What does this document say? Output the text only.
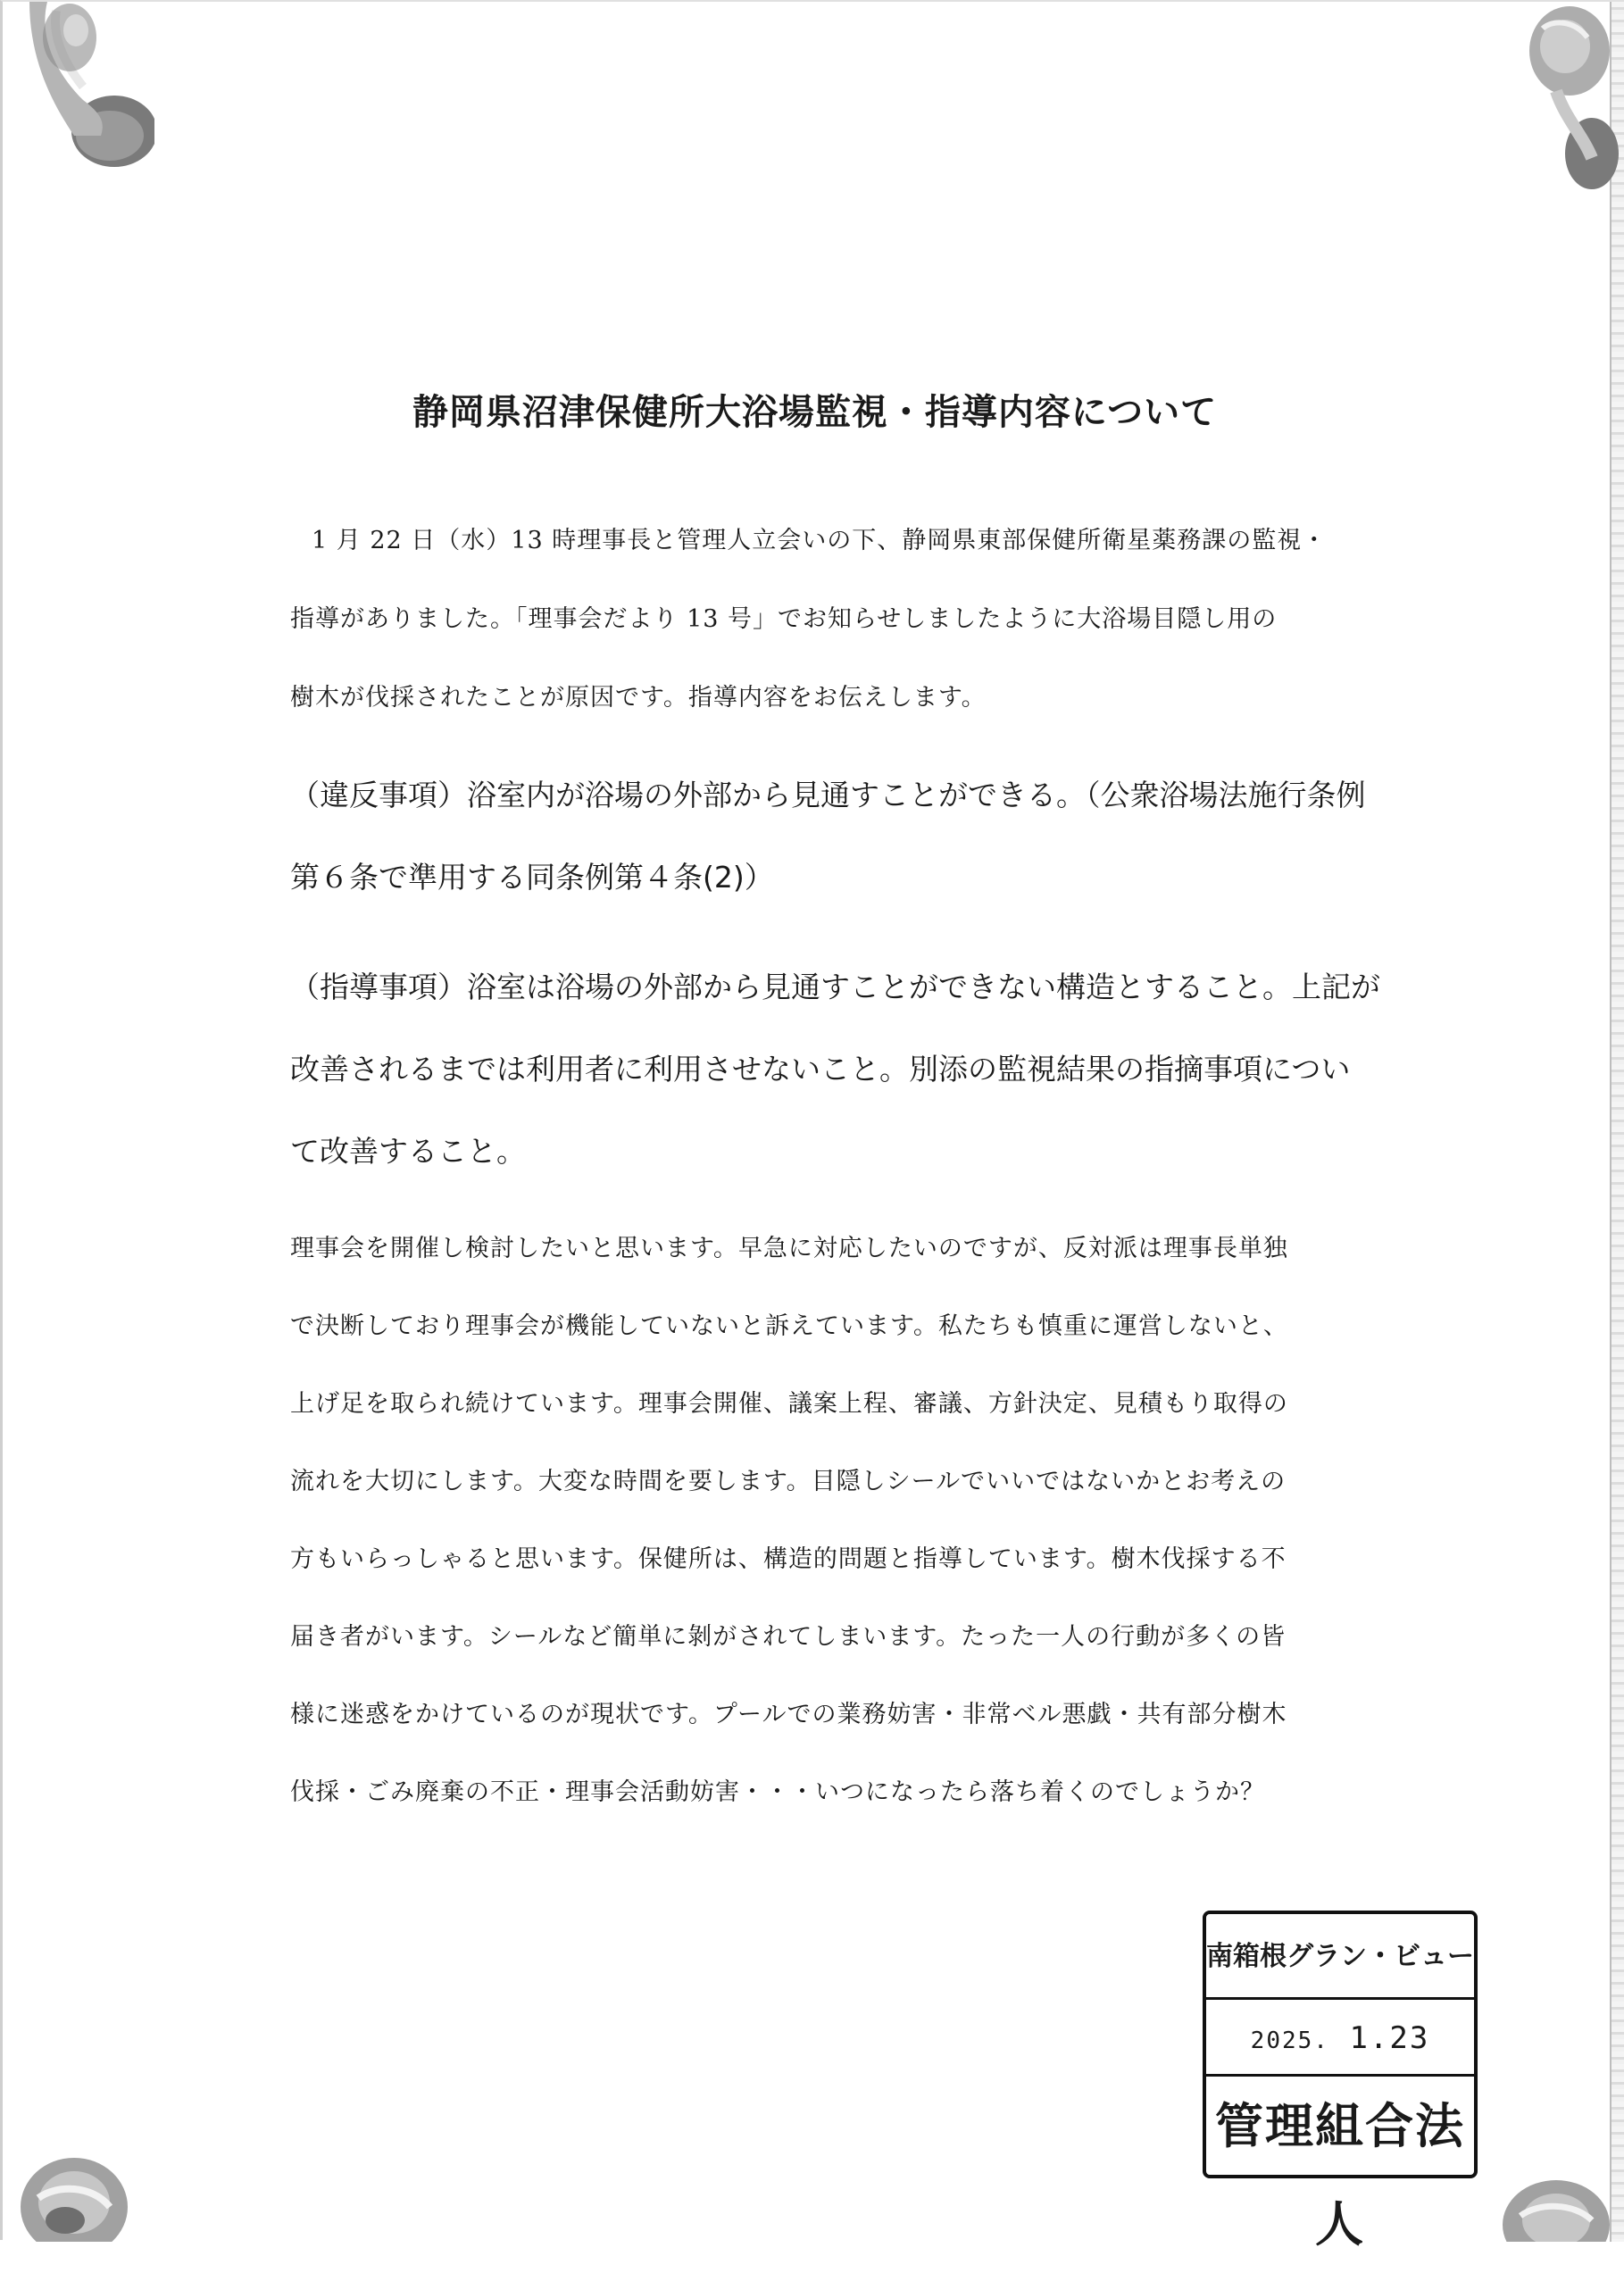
静岡県沼津保健所大浴場監視・指導内容について
1 月 22 日（水）13 時理事長と管理人立会いの下、静岡県東部保健所衛星薬務課の監視・
指導がありました。「理事会だより 13 号」でお知らせしましたように大浴場目隠し用の
樹木が伐採されたことが原因です。指導内容をお伝えします。
（違反事項）浴室内が浴場の外部から見通すことができる。（公衆浴場法施行条例
第６条で準用する同条例第４条(2)）
（指導事項）浴室は浴場の外部から見通すことができない構造とすること。上記が
改善されるまでは利用者に利用させないこと。別添の監視結果の指摘事項につい
て改善すること。
理事会を開催し検討したいと思います。早急に対応したいのですが、反対派は理事長単独
で決断しており理事会が機能していないと訴えています。私たちも慎重に運営しないと、
上げ足を取られ続けています。理事会開催、議案上程、審議、方針決定、見積もり取得の
流れを大切にします。大変な時間を要します。目隠しシールでいいではないかとお考えの
方もいらっしゃると思います。保健所は、構造的問題と指導しています。樹木伐採する不
届き者がいます。シールなど簡単に剝がされてしまいます。たった一人の行動が多くの皆
様に迷惑をかけているのが現状です。プールでの業務妨害・非常ベル悪戯・共有部分樹木
伐採・ごみ廃棄の不正・理事会活動妨害・・・いつになったら落ち着くのでしょうか？
南箱根グラン・ビュー
2025. 1.23
管理組合法人
